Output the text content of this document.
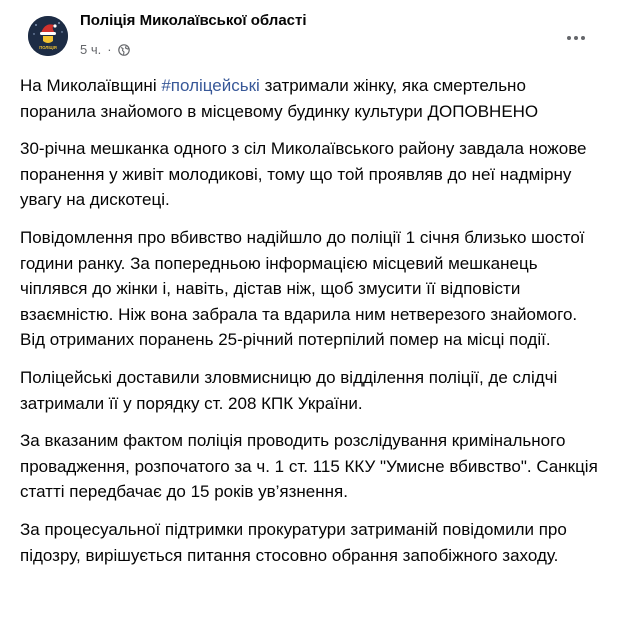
ПОЛІЦІЯ
Поліція Миколаївської області
5 ч. ·

На Миколаївщині #поліцейські затримали жінку, яка смертельно поранила знайомого в місцевому будинку культури ДОПОВНЕНО

30-річна мешканка одного з сіл Миколаївського району завдала ножове поранення у живіт молодикові, тому що той проявляв до неї надмірну увагу на дискотеці.

Повідомлення про вбивство надійшло до поліції 1 січня близько шостої години ранку. За попередньою інформацією місцевий мешканець чіплявся до жінки і, навіть, дістав ніж, щоб змусити її відповісти взаємністю. Ніж вона забрала та вдарила ним нетверезого знайомого. Від отриманих поранень 25-річний потерпілий помер на місці події.

Поліцейські доставили зловмисницю до відділення поліції, де слідчі затримали її у порядку ст. 208 КПК України.

За вказаним фактом поліція проводить розслідування кримінального провадження, розпочатого за ч. 1 ст. 115 ККУ "Умисне вбивство". Санкція статті передбачає до 15 років ув’язнення.

За процесуальної підтримки прокуратури затриманій повідомили про підозру, вирішується питання стосовно обрання запобіжного заходу.
